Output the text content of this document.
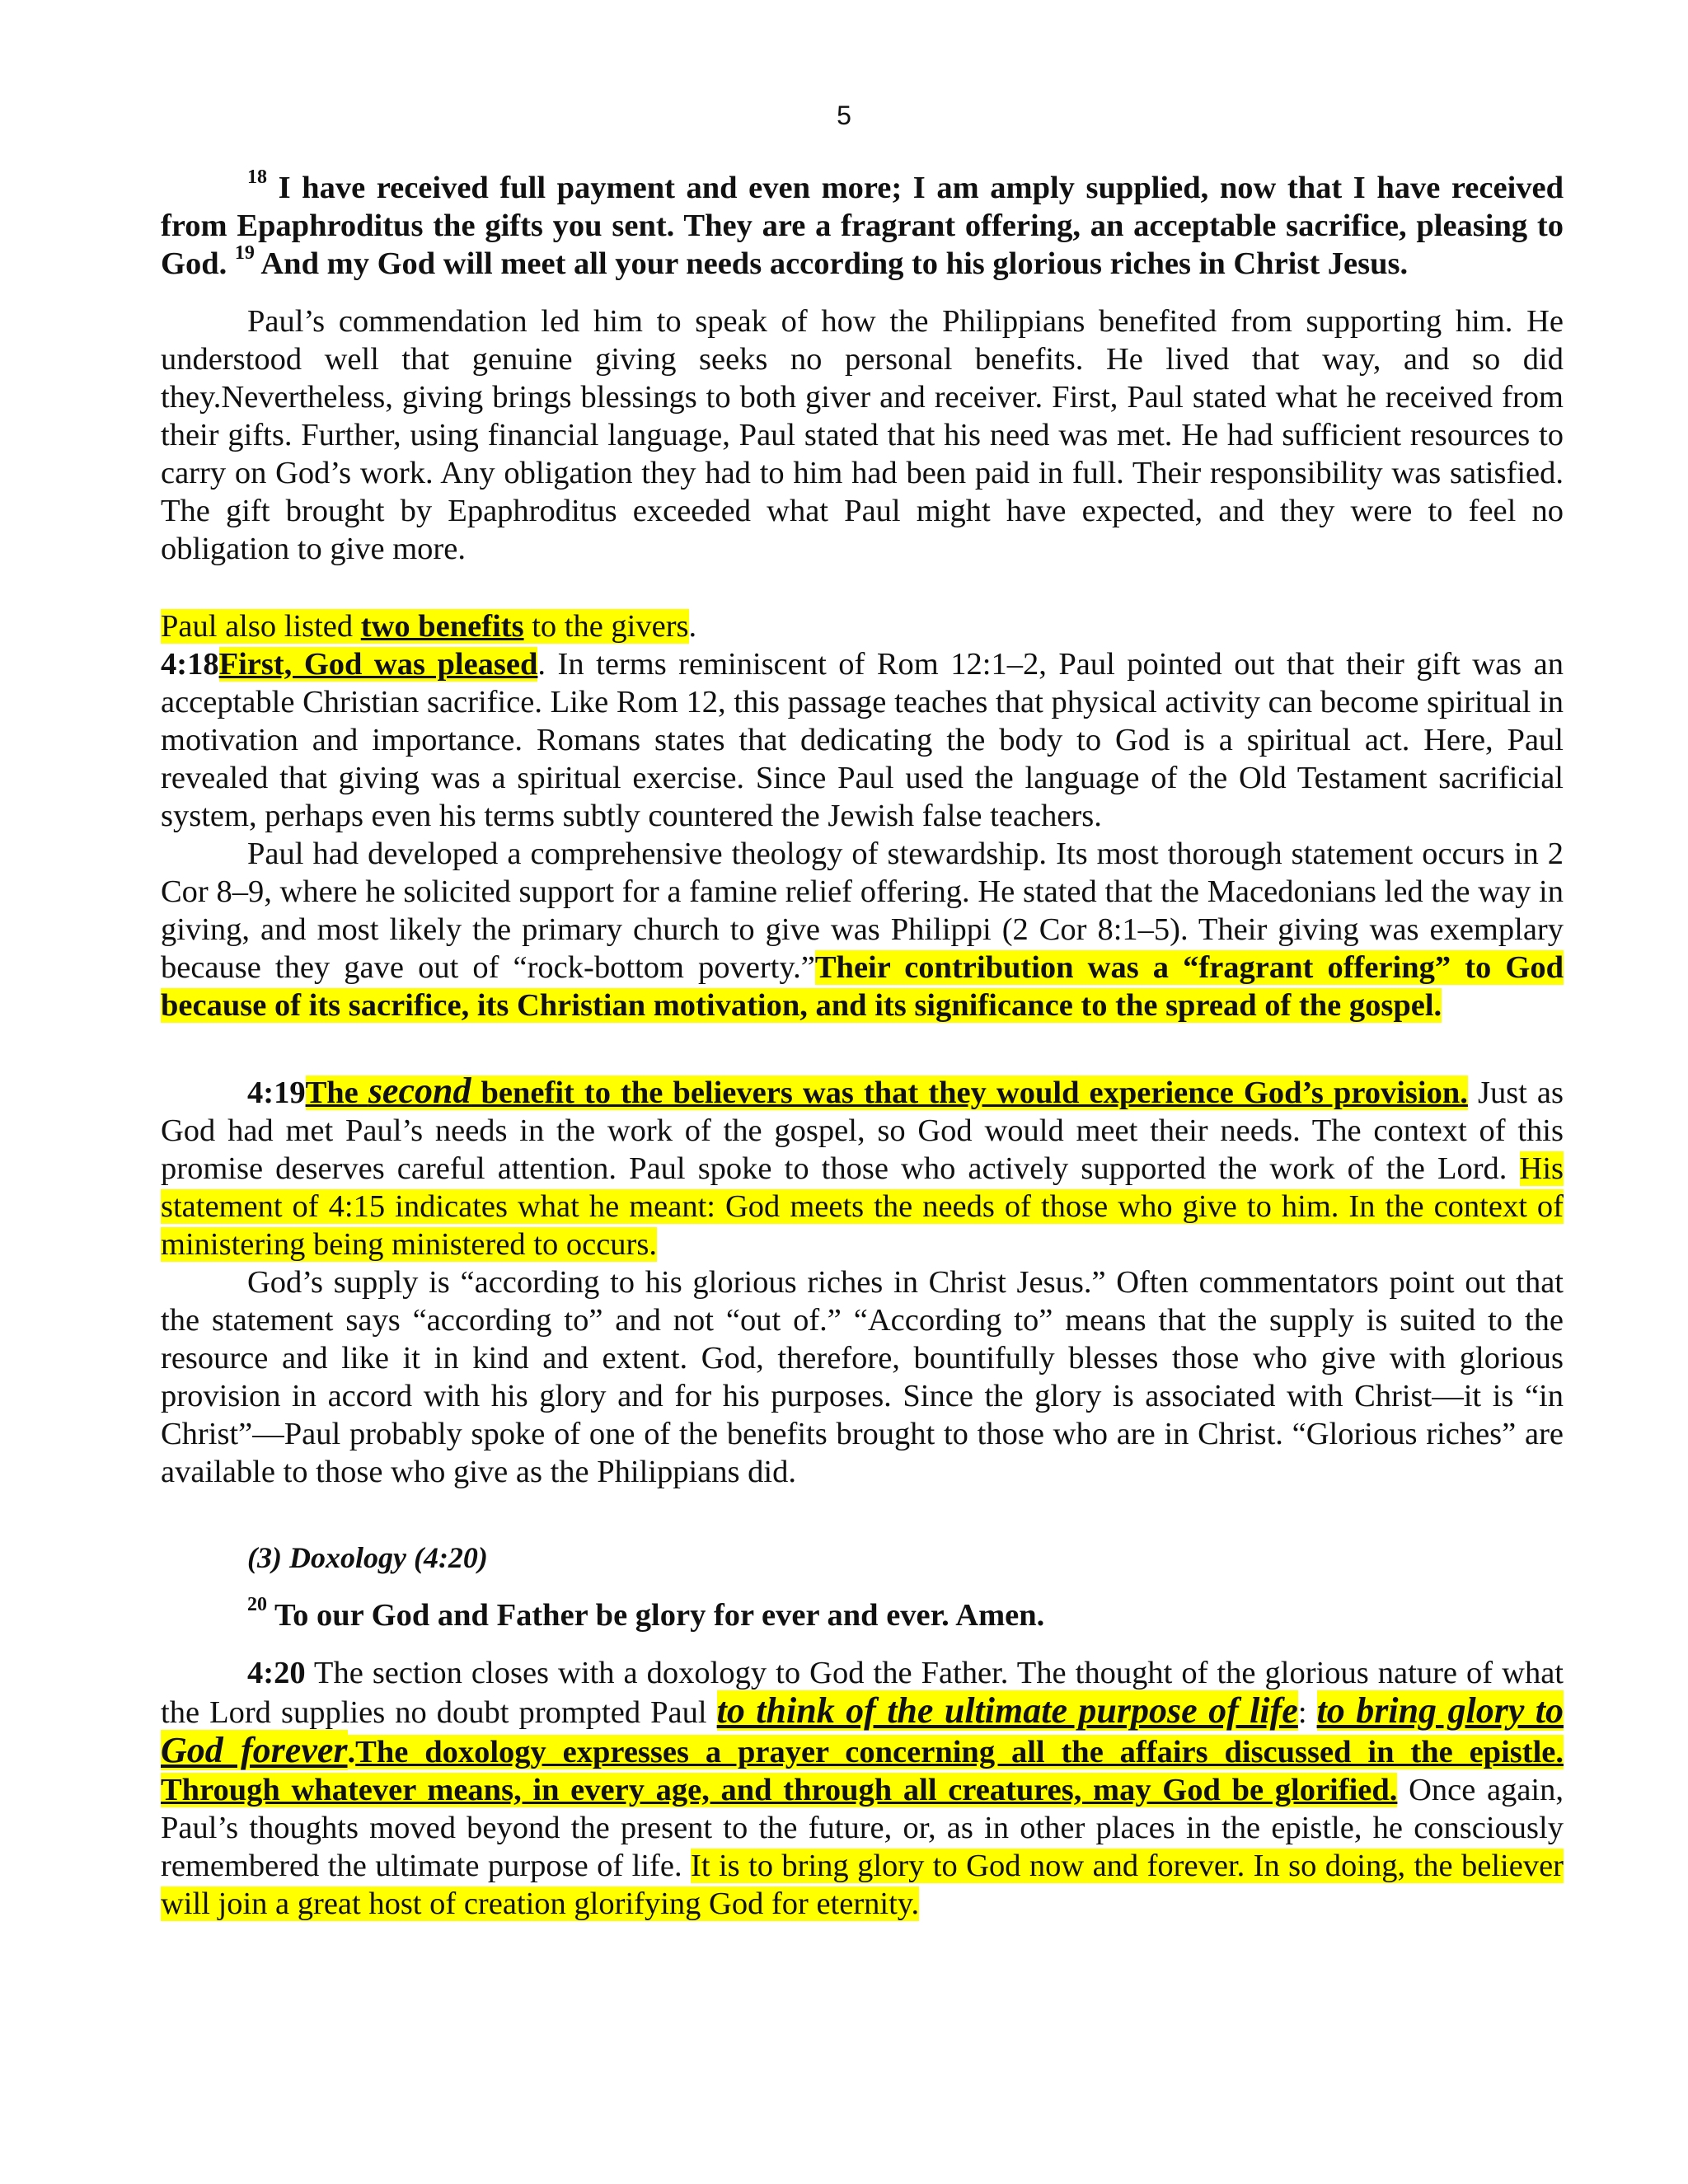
5

$^{18}$ I have received full payment and even more; I am amply supplied, now that I have received from Epaphroditus the gifts you sent. They are a fragrant offering, an acceptable sacrifice, pleasing to God. $^{19}$ And my God will meet all your needs according to his glorious riches in Christ Jesus.

Paul’s commendation led him to speak of how the Philippians benefited from supporting him. He understood well that genuine giving seeks no personal benefits. He lived that way, and so did they.Nevertheless, giving brings blessings to both giver and receiver. First, Paul stated what he received from their gifts. Further, using financial language, Paul stated that his need was met. He had sufficient resources to carry on God’s work. Any obligation they had to him had been paid in full. Their responsibility was satisfied. The gift brought by Epaphroditus exceeded what Paul might have expected, and they were to feel no obligation to give more.

Paul also listed two benefits to the givers.

4:18First, God was pleased. In terms reminiscent of Rom 12:1–2, Paul pointed out that their gift was an acceptable Christian sacrifice. Like Rom 12, this passage teaches that physical activity can become spiritual in motivation and importance. Romans states that dedicating the body to God is a spiritual act. Here, Paul revealed that giving was a spiritual exercise. Since Paul used the language of the Old Testament sacrificial system, perhaps even his terms subtly countered the Jewish false teachers.

Paul had developed a comprehensive theology of stewardship. Its most thorough statement occurs in 2 Cor 8–9, where he solicited support for a famine relief offering. He stated that the Macedonians led the way in giving, and most likely the primary church to give was Philippi (2 Cor 8:1–5). Their giving was exemplary because they gave out of “rock-bottom poverty.”Their contribution was a “fragrant offering” to God because of its sacrifice, its Christian motivation, and its significance to the spread of the gospel.

4:19The second benefit to the believers was that they would experience God’s provision. Just as God had met Paul’s needs in the work of the gospel, so God would meet their needs. The context of this promise deserves careful attention. Paul spoke to those who actively supported the work of the Lord. His statement of 4:15 indicates what he meant: God meets the needs of those who give to him. In the context of ministering being ministered to occurs.

God’s supply is “according to his glorious riches in Christ Jesus.” Often commentators point out that the statement says “according to” and not “out of.” “According to” means that the supply is suited to the resource and like it in kind and extent. God, therefore, bountifully blesses those who give with glorious provision in accord with his glory and for his purposes. Since the glory is associated with Christ—it is “in Christ”—Paul probably spoke of one of the benefits brought to those who are in Christ. “Glorious riches” are available to those who give as the Philippians did.

(3) Doxology (4:20)

$^{20}$ To our God and Father be glory for ever and ever. Amen.

4:20 The section closes with a doxology to God the Father. The thought of the glorious nature of what the Lord supplies no doubt prompted Paul to think of the ultimate purpose of life: to bring glory to God forever.The doxology expresses a prayer concerning all the affairs discussed in the epistle. Through whatever means, in every age, and through all creatures, may God be glorified. Once again, Paul’s thoughts moved beyond the present to the future, or, as in other places in the epistle, he consciously remembered the ultimate purpose of life. It is to bring glory to God now and forever. In so doing, the believer will join a great host of creation glorifying God for eternity.
